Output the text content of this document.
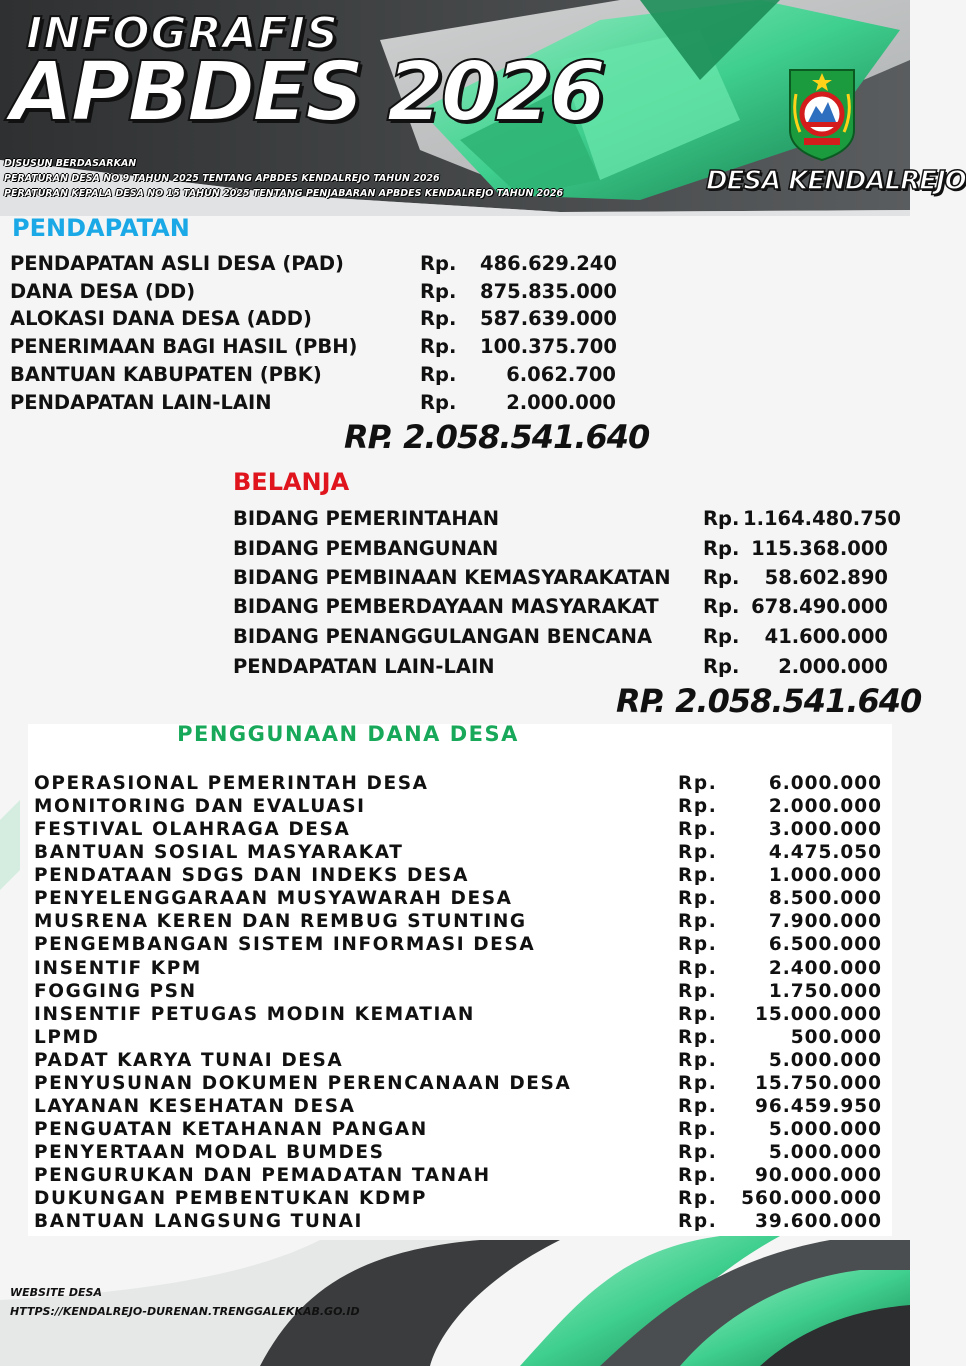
INFOGRAFIS
APBDES 2026
DISUSUN BERDASARKAN
PERATURAN DESA NO 9 TAHUN 2025 TENTANG APBDES KENDALREJO TAHUN 2026
PERATURAN KEPALA DESA NO 15 TAHUN 2025 TENTANG PENJABARAN APBDES KENDALREJO TAHUN 2026	DESA KENDALREJO
PENDAPATAN
PENDAPATAN ASLI DESA (PAD)	Rp.	486.629.240
DANA DESA (DD)	Rp.	875.835.000
ALOKASI DANA DESA (ADD)	Rp.	587.639.000
PENERIMAAN BAGI HASIL (PBH)	Rp.	100.375.700
BANTUAN KABUPATEN (PBK)	Rp.	6.062.700
PENDAPATAN LAIN-LAIN	Rp.	2.000.000
RP. 2.058.541.640
BELANJA
BIDANG PEMERINTAHAN	Rp. 1.164.480.750
BIDANG PEMBANGUNAN	Rp. 115.368.000
BIDANG PEMBINAAN KEMASYARAKATAN	Rp.	58.602.890
BIDANG PEMBERDAYAAN MASYARAKAT	Rp. 678.490.000
BIDANG PENANGGULANGAN BENCANA	Rp.	41.600.000
PENDAPATAN LAIN-LAIN	Rp.	2.000.000
RP. 2.058.541.640
PENGGUNAAN DANA DESA
OPERASIONAL PEMERINTAH DESA	Rp.	6.000.000
MONITORING DAN EVALUASI	Rp.	2.000.000
FESTIVAL OLAHRAGA DESA	Rp.	3.000.000
BANTUAN SOSIAL MASYARAKAT	Rp.	4.475.050
PENDATAAN SDGS DAN INDEKS DESA	Rp.	1.000.000
PENYELENGGARAAN MUSYAWARAH DESA	Rp.	8.500.000
MUSRENA KEREN DAN REMBUG STUNTING	Rp.	7.900.000
PENGEMBANGAN SISTEM INFORMASI DESA	Rp.	6.500.000
INSENTIF KPM	Rp.	2.400.000
FOGGING PSN	Rp.	1.750.000
INSENTIF PETUGAS MODIN KEMATIAN	Rp.	15.000.000
LPMD	Rp.	500.000
PADAT KARYA TUNAI DESA	Rp.	5.000.000
PENYUSUNAN DOKUMEN PERENCANAAN DESA	Rp.	15.750.000
LAYANAN KESEHATAN DESA	Rp.	96.459.950
PENGUATAN KETAHANAN PANGAN	Rp.	5.000.000
PENYERTAAN MODAL BUMDES	Rp.	5.000.000
PENGURUKAN DAN PEMADATAN TANAH	Rp.	90.000.000
DUKUNGAN PEMBENTUKAN KDMP	Rp.	560.000.000
BANTUAN LANGSUNG TUNAI	Rp.	39.600.000
WEBSITE DESA
HTTPS://KENDALREJO-DURENAN.TRENGGALEKKAB.GO.ID
